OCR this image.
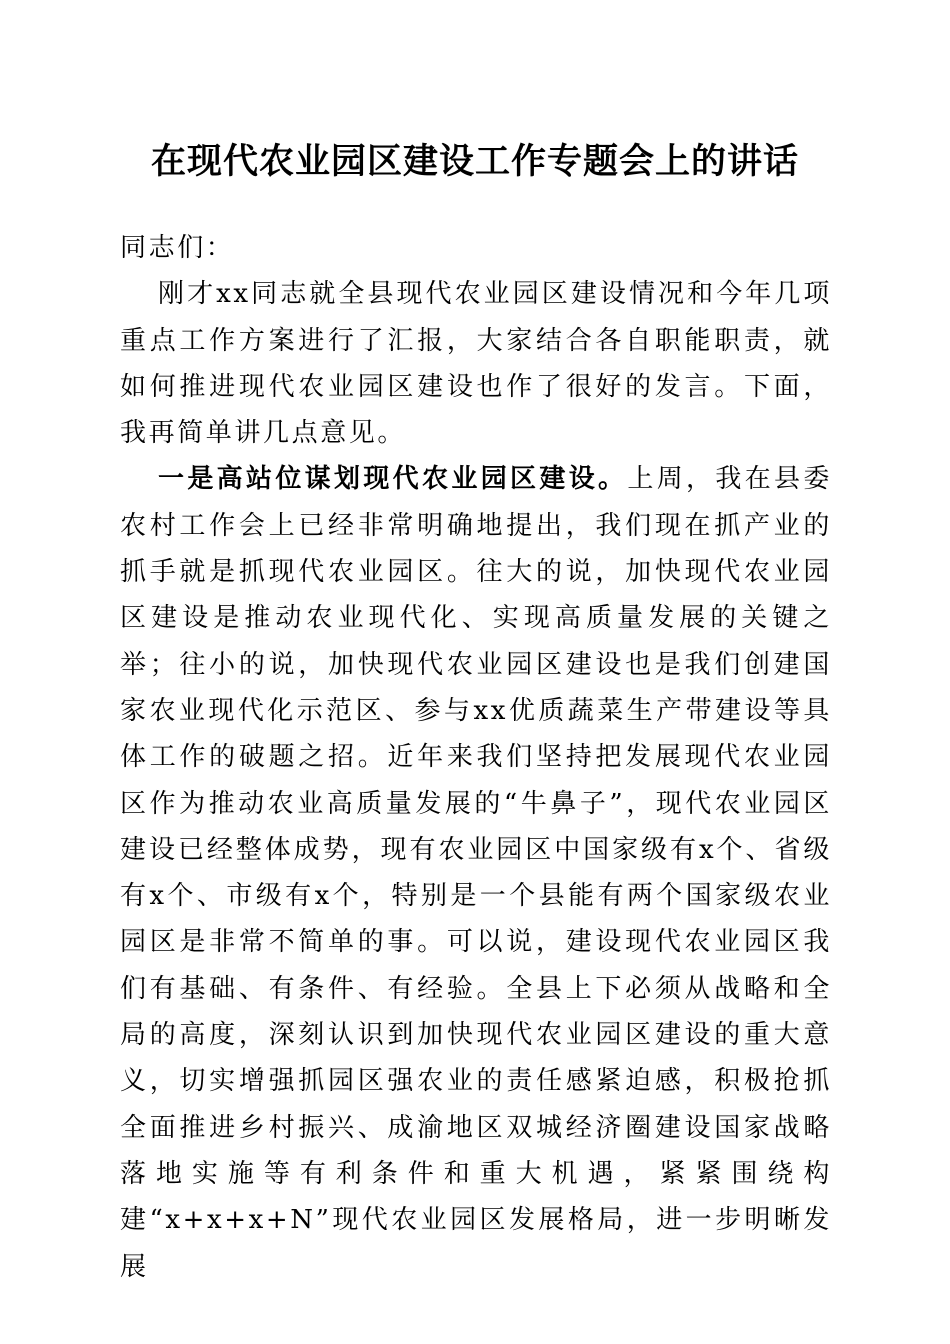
在现代农业园区建设工作专题会上的讲话

同志们：

刚才xx同志就全县现代农业园区建设情况和今年几项重点工作方案进行了汇报，大家结合各自职能职责，就如何推进现代农业园区建设也作了很好的发言。下面，我再简单讲几点意见。

一是高站位谋划现代农业园区建设。上周，我在县委农村工作会上已经非常明确地提出，我们现在抓产业的抓手就是抓现代农业园区。往大的说，加快现代农业园区建设是推动农业现代化、实现高质量发展的关键之举；往小的说，加快现代农业园区建设也是我们创建国家农业现代化示范区、参与xx优质蔬菜生产带建设等具体工作的破题之招。近年来我们坚持把发展现代农业园区作为推动农业高质量发展的“牛鼻子”，现代农业园区建设已经整体成势，现有农业园区中国家级有x个、省级有x个、市级有x个，特别是一个县能有两个国家级农业园区是非常不简单的事。可以说，建设现代农业园区我们有基础、有条件、有经验。全县上下必须从战略和全局的高度，深刻认识到加快现代农业园区建设的重大意义，切实增强抓园区强农业的责任感紧迫感，积极抢抓全面推进乡村振兴、成渝地区双城经济圈建设国家战略落地实施等有利条件和重大机遇，紧紧围绕构建“x+x+x+N”现代农业园区发展格局，进一步明晰发展
